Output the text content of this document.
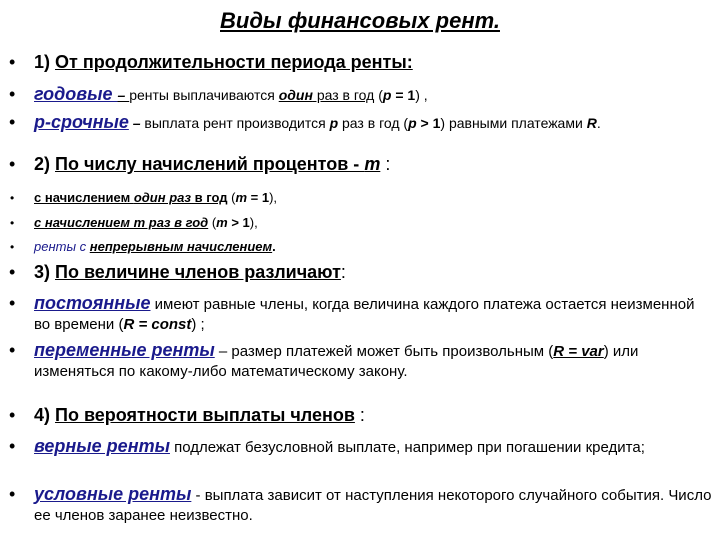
Виды финансовых рент.
• 1) От продолжительности периода ренты:
• годовые – ренты выплачиваются один раз в год (p = 1) ,
• p-срочные – выплата рент производится p раз в год (p > 1) равными платежами R.
• 2) По числу начислений процентов - m :
• с начислением один раз в год (m = 1),
• с начислением m раз в год (m > 1),
• ренты с непрерывным начислением.
• 3) По величине членов различают:
• постоянные имеют равные члены, когда величина каждого платежа остается неизменной во времени (R = const) ;
• переменные ренты – размер платежей может быть произвольным (R = var) или изменяться по какому-либо математическому закону.
• 4) По вероятности выплаты членов :
• верные ренты подлежат безусловной выплате, например при погашении кредита;
• условные ренты - выплата зависит от наступления некоторого случайного события. Число ее членов заранее неизвестно.
